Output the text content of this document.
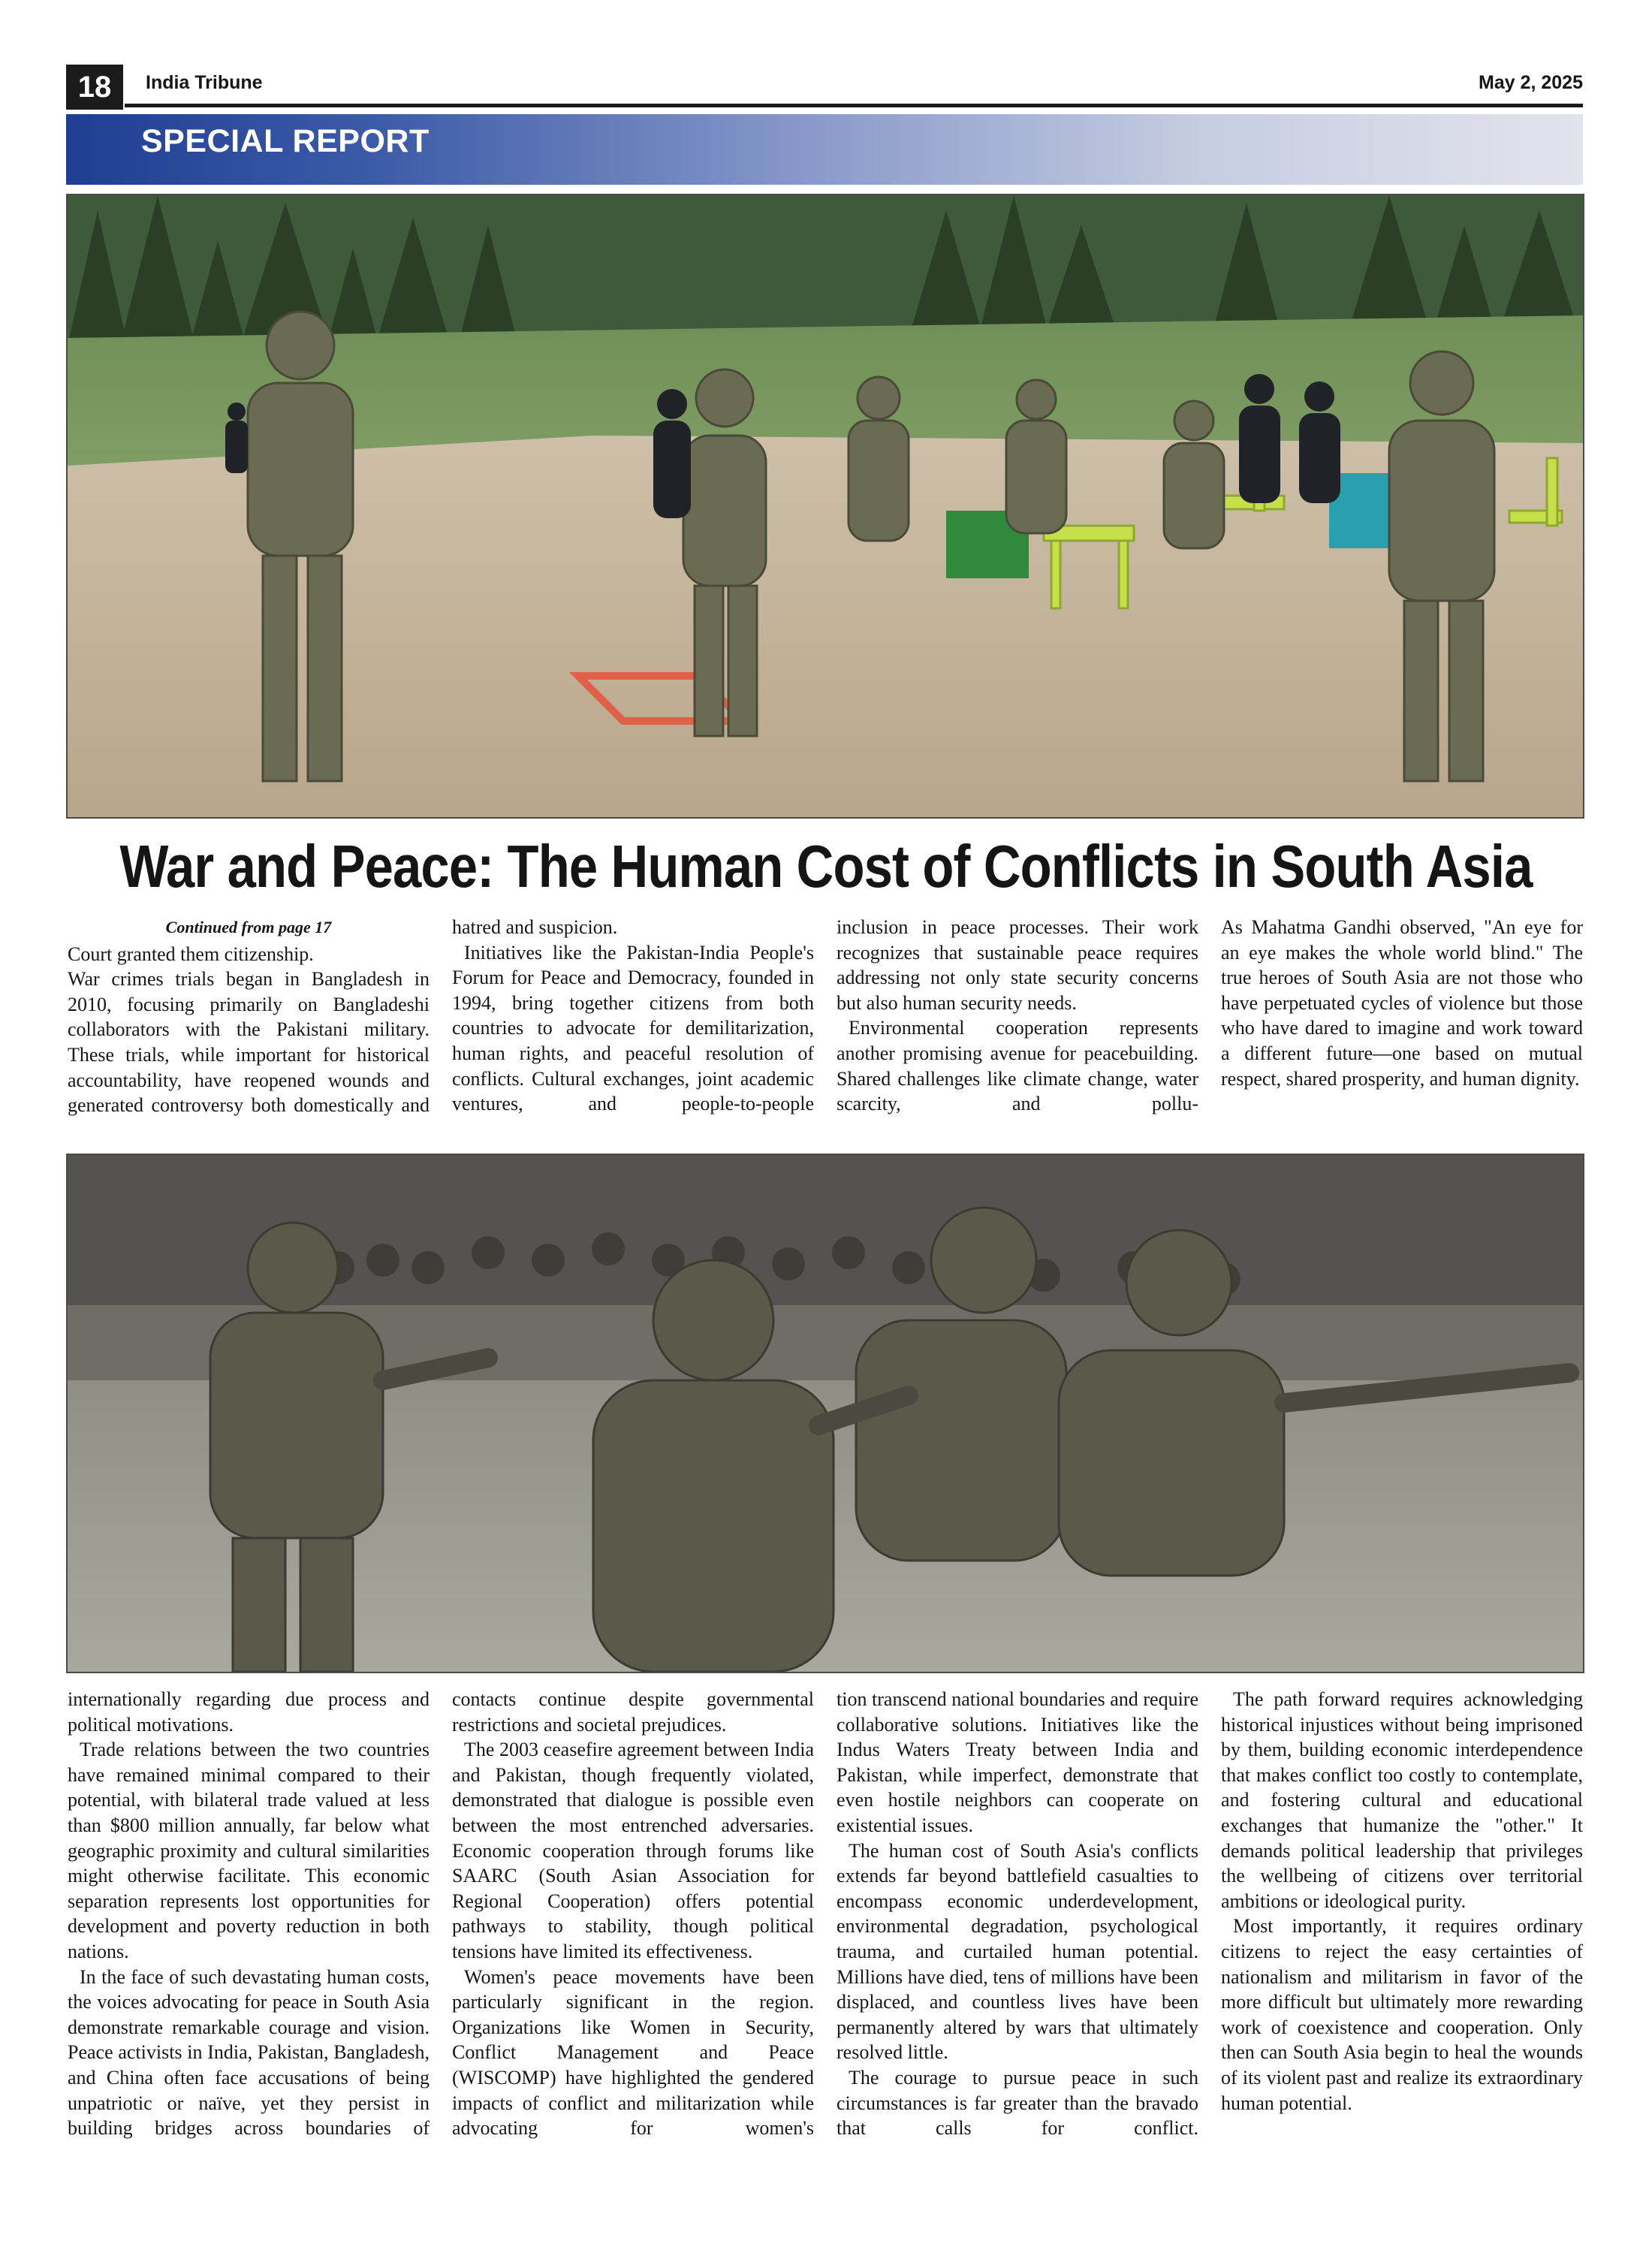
18	India Tribune	May 2, 2025
SPECIAL REPORT
War and Peace: The Human Cost of Conflicts in South Asia
Continued from page 17

Court granted them citizenship.

War crimes trials began in Bangladesh in 2010, focusing primarily on Bangladeshi collaborators with the Pakistani military. These trials, while important for historical accountability, have reopened wounds and generated controversy both domestically and

hatred and suspicion.

Initiatives like the Pakistan-India People's Forum for Peace and Democracy, founded in 1994, bring together citizens from both countries to advocate for demilitarization, human rights, and peaceful resolution of conflicts. Cultural exchanges, joint academic ventures, and people-to-people

inclusion in peace processes. Their work recognizes that sustainable peace requires addressing not only state security concerns but also human security needs.

Environmental cooperation represents another promising avenue for peacebuilding. Shared challenges like climate change, water scarcity, and pollu-

As Mahatma Gandhi observed, "An eye for an eye makes the whole world blind." The true heroes of South Asia are not those who have perpetuated cycles of violence but those who have dared to imagine and work toward a different future—one based on mutual respect, shared prosperity, and human dignity.

internationally regarding due process and political motivations.

Trade relations between the two countries have remained minimal compared to their potential, with bilateral trade valued at less than $800 million annually, far below what geographic proximity and cultural similarities might otherwise facilitate. This economic separation represents lost opportunities for development and poverty reduction in both nations.

In the face of such devastating human costs, the voices advocating for peace in South Asia demonstrate remarkable courage and vision. Peace activists in India, Pakistan, Bangladesh, and China often face accusations of being unpatriotic or naïve, yet they persist in building bridges across boundaries of

contacts continue despite governmental restrictions and societal prejudices.

The 2003 ceasefire agreement between India and Pakistan, though frequently violated, demonstrated that dialogue is possible even between the most entrenched adversaries. Economic cooperation through forums like SAARC (South Asian Association for Regional Cooperation) offers potential pathways to stability, though political tensions have limited its effectiveness.

Women's peace movements have been particularly significant in the region. Organizations like Women in Security, Conflict Management and Peace (WISCOMP) have highlighted the gendered impacts of conflict and militarization while advocating for women's

tion transcend national boundaries and require collaborative solutions. Initiatives like the Indus Waters Treaty between India and Pakistan, while imperfect, demonstrate that even hostile neighbors can cooperate on existential issues.

The human cost of South Asia's conflicts extends far beyond battlefield casualties to encompass economic underdevelopment, environmental degradation, psychological trauma, and curtailed human potential. Millions have died, tens of millions have been displaced, and countless lives have been permanently altered by wars that ultimately resolved little.

The courage to pursue peace in such circumstances is far greater than the bravado that calls for conflict.

The path forward requires acknowledging historical injustices without being imprisoned by them, building economic interdependence that makes conflict too costly to contemplate, and fostering cultural and educational exchanges that humanize the "other." It demands political leadership that privileges the wellbeing of citizens over territorial ambitions or ideological purity.

Most importantly, it requires ordinary citizens to reject the easy certainties of nationalism and militarism in favor of the more difficult but ultimately more rewarding work of coexistence and cooperation. Only then can South Asia begin to heal the wounds of its violent past and realize its extraordinary human potential.
